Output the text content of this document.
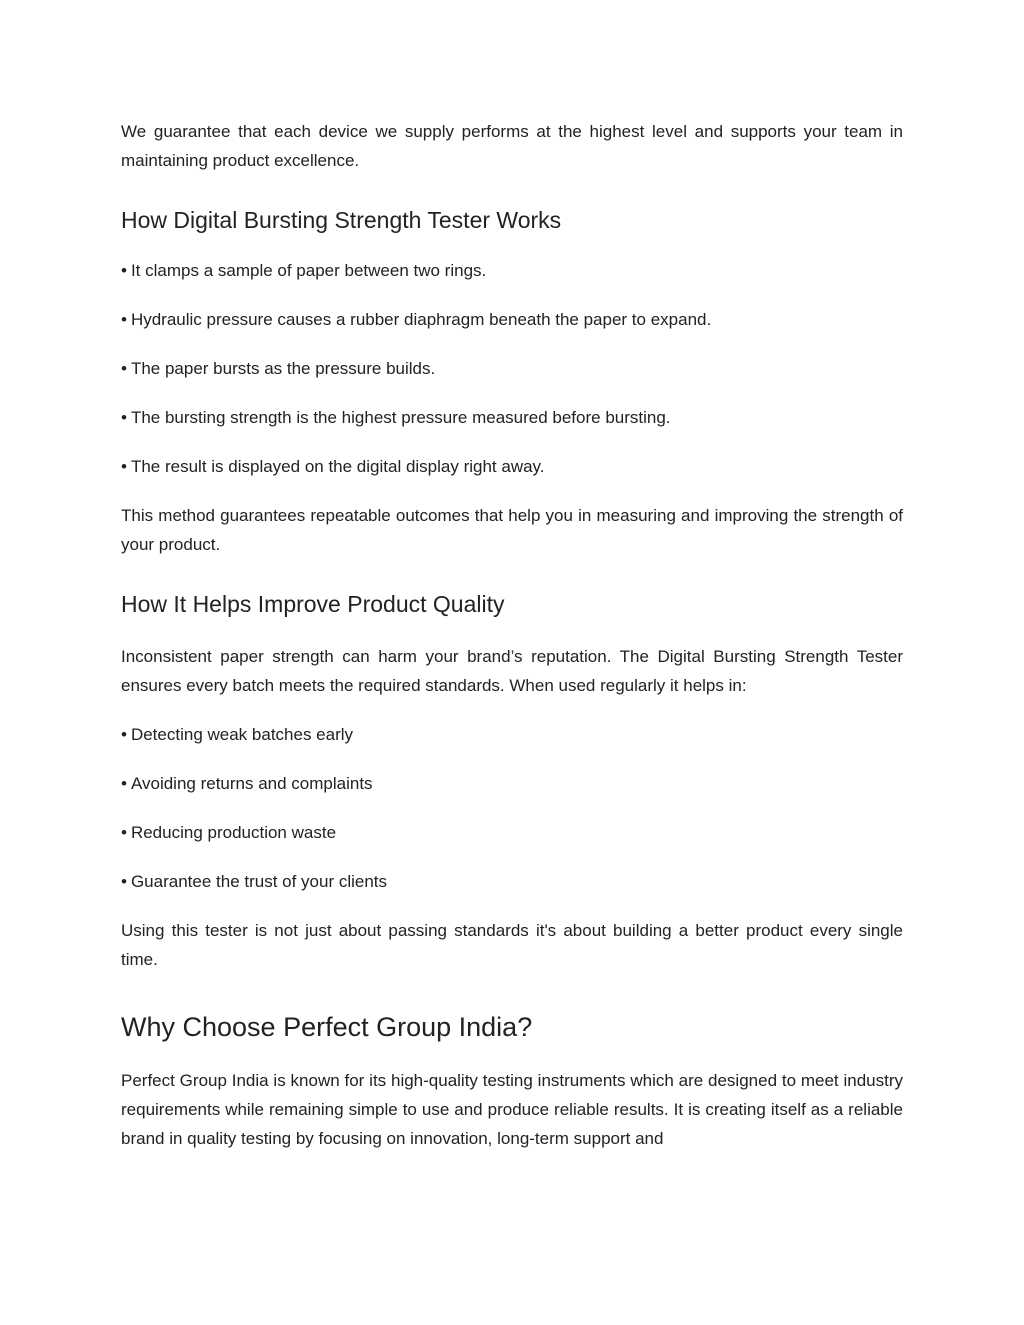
We guarantee that each device we supply performs at the highest level and supports your team in maintaining product excellence.

How Digital Bursting Strength Tester Works

• It clamps a sample of paper between two rings.

• Hydraulic pressure causes a rubber diaphragm beneath the paper to expand.

• The paper bursts as the pressure builds.

• The bursting strength is the highest pressure measured before bursting.

• The result is displayed on the digital display right away.

This method guarantees repeatable outcomes that help you in measuring and improving the strength of your product.

How It Helps Improve Product Quality

Inconsistent paper strength can harm your brand’s reputation. The Digital Bursting Strength Tester ensures every batch meets the required standards. When used regularly it helps in:

• Detecting weak batches early

• Avoiding returns and complaints

• Reducing production waste

• Guarantee the trust of your clients

Using this tester is not just about passing standards it's about building a better product every single time.

Why Choose Perfect Group India?

Perfect Group India is known for its high-quality testing instruments which are designed to meet industry requirements while remaining simple to use and produce reliable results. It is creating itself as a reliable brand in quality testing by focusing on innovation, long-term support and
